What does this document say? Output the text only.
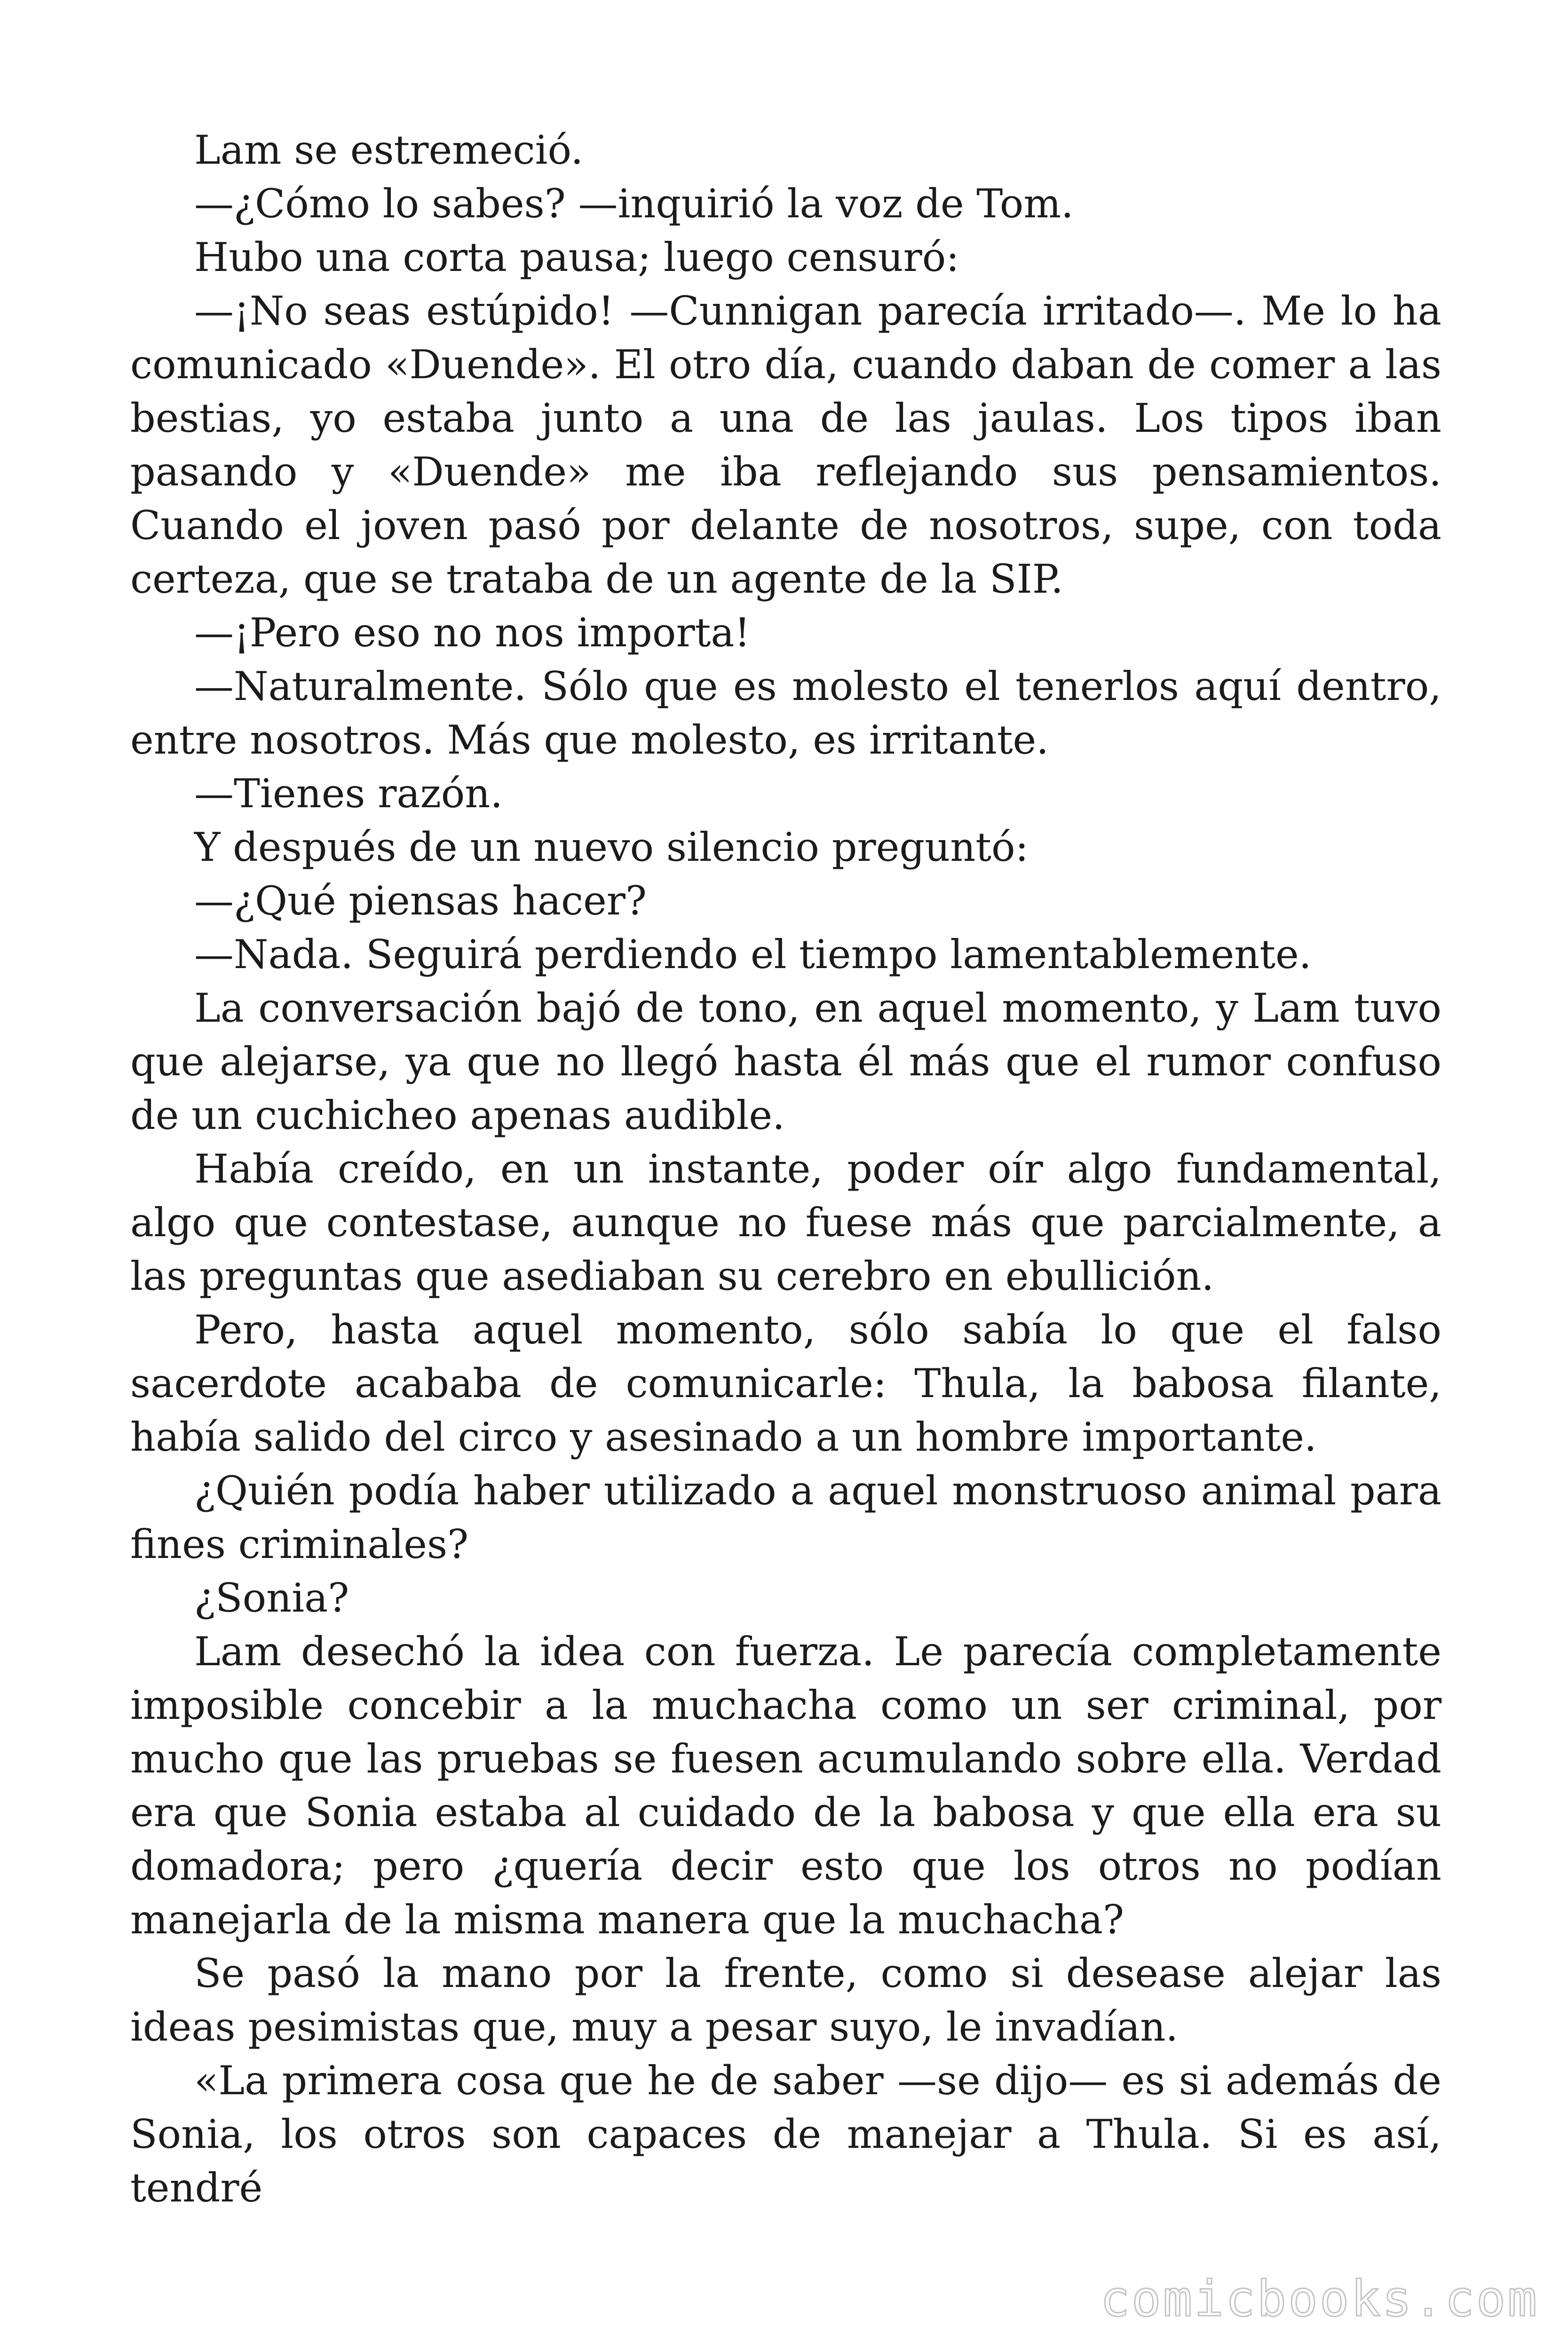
Lam se estremeció.

—¿Cómo lo sabes? —inquirió la voz de Tom.

Hubo una corta pausa; luego censuró:

—¡No seas estúpido! —Cunnigan parecía irritado—. Me lo ha comunicado «Duende». El otro día, cuando daban de comer a las bestias, yo estaba junto a una de las jaulas. Los tipos iban pasando y «Duende» me iba reflejando sus pensamientos. Cuando el joven pasó por delante de nosotros, supe, con toda certeza, que se trataba de un agente de la SIP.

—¡Pero eso no nos importa!

—Naturalmente. Sólo que es molesto el tenerlos aquí dentro, entre nosotros. Más que molesto, es irritante.

—Tienes razón.

Y después de un nuevo silencio preguntó:

—¿Qué piensas hacer?

—Nada. Seguirá perdiendo el tiempo lamentablemente.

La conversación bajó de tono, en aquel momento, y Lam tuvo que alejarse, ya que no llegó hasta él más que el rumor confuso de un cuchicheo apenas audible.

Había creído, en un instante, poder oír algo fundamental, algo que contestase, aunque no fuese más que parcialmente, a las preguntas que asediaban su cerebro en ebullición.

Pero, hasta aquel momento, sólo sabía lo que el falso sacerdote acababa de comunicarle: Thula, la babosa filante, había salido del circo y asesinado a un hombre importante.

¿Quién podía haber utilizado a aquel monstruoso animal para fines criminales?

¿Sonia?

Lam desechó la idea con fuerza. Le parecía completamente imposible concebir a la muchacha como un ser criminal, por mucho que las pruebas se fuesen acumulando sobre ella. Verdad era que Sonia estaba al cuidado de la babosa y que ella era su domadora; pero ¿quería decir esto que los otros no podían manejarla de la misma manera que la muchacha?

Se pasó la mano por la frente, como si desease alejar las ideas pesimistas que, muy a pesar suyo, le invadían.

«La primera cosa que he de saber —se dijo— es si además de Sonia, los otros son capaces de manejar a Thula. Si es así, tendré

comicbooks.com
